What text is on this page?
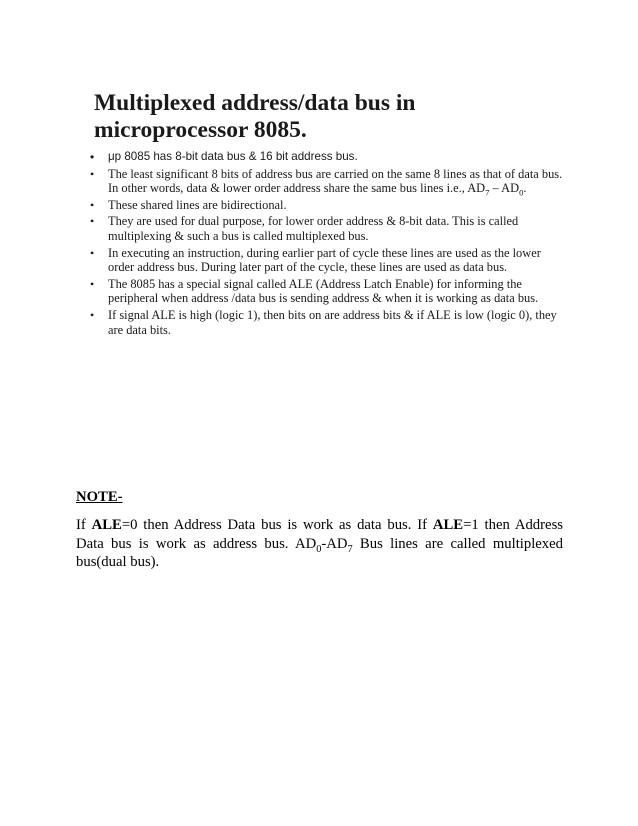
Multiplexed address/data bus in microprocessor 8085.
• μp 8085 has 8-bit data bus & 16 bit address bus.
• The least significant 8 bits of address bus are carried on the same 8 lines as that of data bus. In other words, data & lower order address share the same bus lines i.e., $AD_7 - AD_0$.
• These shared lines are bidirectional.
• They are used for dual purpose, for lower order address & 8-bit data. This is called multiplexing & such a bus is called multiplexed bus.
• In executing an instruction, during earlier part of cycle these lines are used as the lower order address bus. During later part of the cycle, these lines are used as data bus.
• The 8085 has a special signal called ALE (Address Latch Enable) for informing the peripheral when address /data bus is sending address & when it is working as data bus.
• If signal ALE is high (logic 1), then bits on are address bits & if ALE is low (logic 0), they are data bits.
NOTE-

If ALE=0 then Address Data bus is work as data bus. If ALE=1 then Address Data bus is work as address bus. $AD_0-AD_7$ Bus lines are called multiplexed bus(dual bus).
